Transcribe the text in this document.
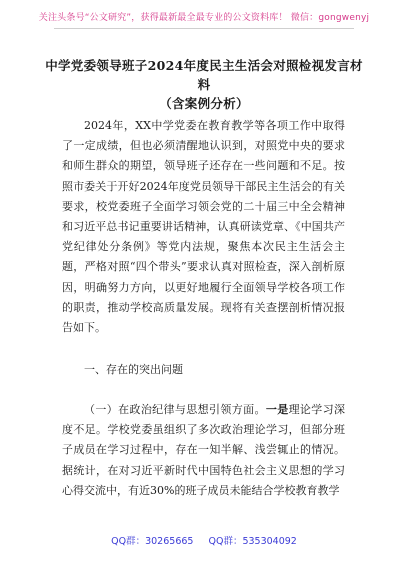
关注头条号“公文研究”，获得最新最全最专业的公文资料库！ 微信：gongwenyj
中学党委领导班子2024年度民主生活会对照检视发言材料
（含案例分析）
2024年，XX中学党委在教育教学等各项工作中取得了一定成绩，但也必须清醒地认识到，对照党中央的要求和师生群众的期望，领导班子还存在一些问题和不足。按照市委关于开好2024年度党员领导干部民主生活会的有关要求，校党委班子全面学习领会党的二十届三中全会精神和习近平总书记重要讲话精神，认真研读党章、《中国共产党纪律处分条例》等党内法规，聚焦本次民主生活会主题，严格对照“四个带头”要求认真对照检查，深入剖析原因，明确努力方向，以更好地履行全面领导学校各项工作的职责，推动学校高质量发展。现将有关查摆剖析情况报告如下。
一、存在的突出问题
（一）在政治纪律与思想引领方面。一是理论学习深度不足。学校党委虽组织了多次政治理论学习，但部分班子成员在学习过程中，存在一知半解、浅尝辄止的情况。据统计，在对习近平新时代中国特色社会主义思想的学习心得交流中，有近30%的班子成员未能结合学校教育教学
QQ群：30265665 QQ群：535304092
